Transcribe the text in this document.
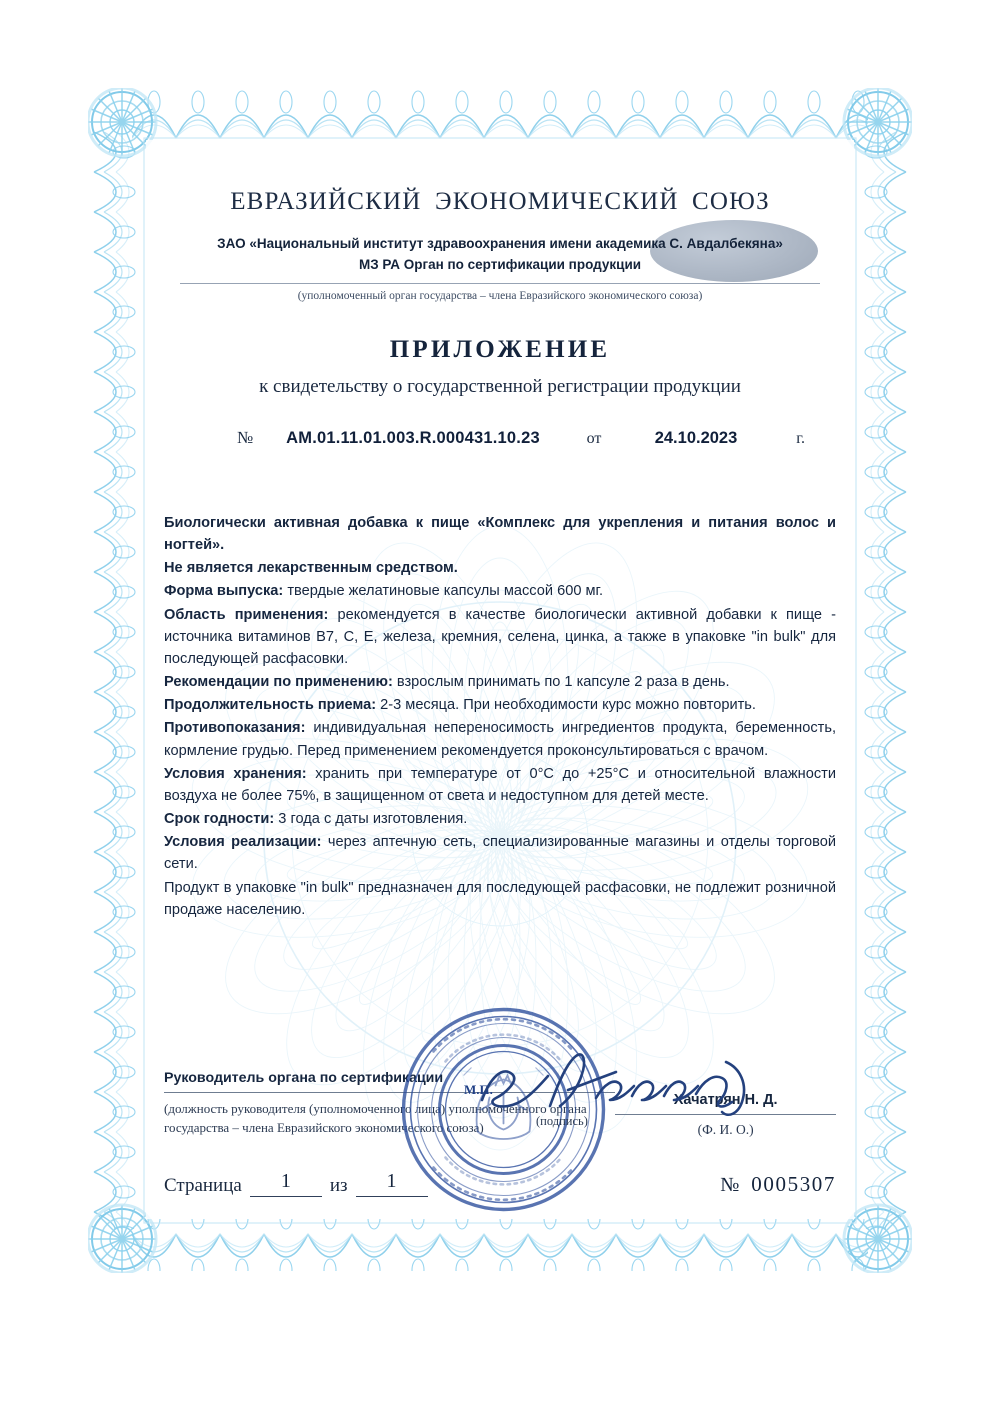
ЕВРАЗИЙСКИЙ ЭКОНОМИЧЕСКИЙ СОЮЗ
ЗАО «Национальный институт здравоохранения имени академика С. Авдалбекяна»
МЗ РА Орган по сертификации продукции
(уполномоченный орган государства – члена Евразийского экономического союза)
ПРИЛОЖЕНИЕ
к свидетельству о государственной регистрации продукции
№	AM.01.11.01.003.R.000431.10.23	от	24.10.2023	г.

Биологически активная добавка к пище «Комплекс для укрепления и питания волос и ногтей».

Не является лекарственным средством.

Форма выпуска: твердые желатиновые капсулы массой 600 мг.

Область применения: рекомендуется в качестве биологически активной добавки к пище - источника витаминов B7, C, E, железа, кремния, селена, цинка, а также в упаковке "in bulk" для последующей расфасовки.

Рекомендации по применению: взрослым принимать по 1 капсуле 2 раза в день.

Продолжительность приема: 2-3 месяца. При необходимости курс можно повторить.

Противопоказания: индивидуальная непереносимость ингредиентов продукта, беременность, кормление грудью. Перед применением рекомендуется проконсультироваться с врачом.

Условия хранения: хранить при температуре от 0°C до +25°C и относительной влажности воздуха не более 75%, в защищенном от света и недоступном для детей месте.

Срок годности: 3 года с даты изготовления.

Условия реализации: через аптечную сеть, специализированные магазины и отделы торговой сети.

Продукт в упаковке "in bulk" предназначен для последующей расфасовки, не подлежит розничной продаже населению.

М.П.
(подпись)
Руководитель органа по сертификации
(должность руководителя (уполномоченного лица) уполномоченного органа государства – члена Евразийского экономического союза)
Хачатрян Н. Д.
(Ф. И. О.)
Страница	1	из	1	№ 0005307
